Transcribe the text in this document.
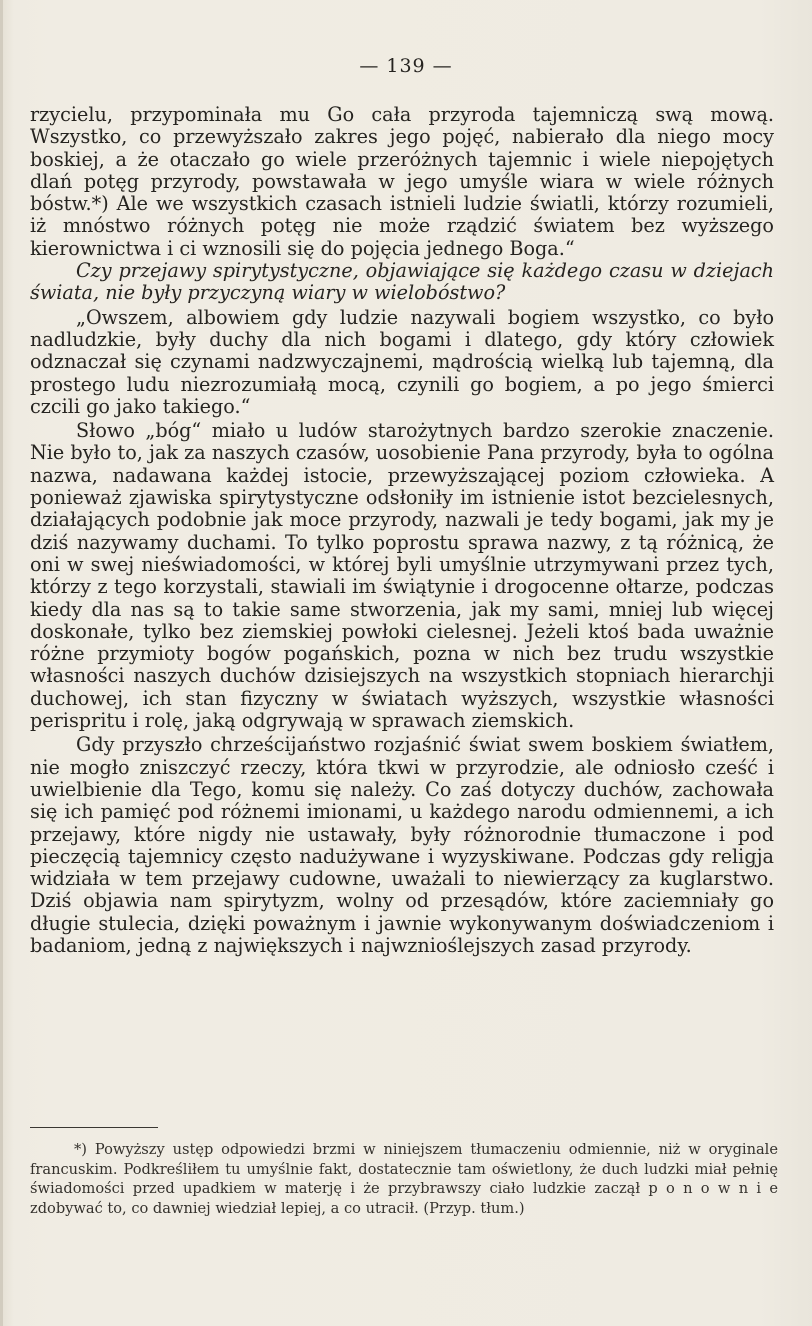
— 139 —

rzycielu, przypominała mu Go cała przyroda tajemniczą swą mową. Wszystko, co przewyższało zakres jego pojęć, nabierało dla niego mocy boskiej, a że otaczało go wiele przeróżnych tajemnic i wiele niepojętych dlań potęg przyrody, powstawała w jego umyśle wiara w wiele różnych bóstw.*) Ale we wszystkich czasach istnieli ludzie światli, którzy rozumieli, iż mnóstwo różnych potęg nie może rządzić światem bez wyższego kierownictwa i ci wznosili się do pojęcia jednego Boga.“

Czy przejawy spirytystyczne, objawiające się każdego czasu w dziejach świata, nie były przyczyną wiary w wielobóstwo?

„Owszem, albowiem gdy ludzie nazywali bogiem wszystko, co było nadludzkie, były duchy dla nich bogami i dlatego, gdy który człowiek odznaczał się czynami nadzwyczajnemi, mądrością wielką lub tajemną, dla prostego ludu niezrozumiałą mocą, czynili go bogiem, a po jego śmierci czcili go jako takiego.“

Słowo „bóg“ miało u ludów starożytnych bardzo szerokie znaczenie. Nie było to, jak za naszych czasów, uosobienie Pana przyrody, była to ogólna nazwa, nadawana każdej istocie, przewyższającej poziom człowieka. A ponieważ zjawiska spirytystyczne odsłoniły im istnienie istot bezcielesnych, działających podobnie jak moce przyrody, nazwali je tedy bogami, jak my je dziś nazywamy duchami. To tylko poprostu sprawa nazwy, z tą różnicą, że oni w swej nieświadomości, w której byli umyślnie utrzymywani przez tych, którzy z tego korzystali, stawiali im świątynie i drogocenne ołtarze, podczas kiedy dla nas są to takie same stworzenia, jak my sami, mniej lub więcej doskonałe, tylko bez ziemskiej powłoki cielesnej. Jeżeli ktoś bada uważnie różne przymioty bogów pogańskich, pozna w nich bez trudu wszystkie własności naszych duchów dzisiejszych na wszystkich stopniach hierarchji duchowej, ich stan fizyczny w światach wyższych, wszystkie własności perispritu i rolę, jaką odgrywają w sprawach ziemskich.

Gdy przyszło chrześcijaństwo rozjaśnić świat swem boskiem światłem, nie mogło zniszczyć rzeczy, która tkwi w przyrodzie, ale odniosło cześć i uwielbienie dla Tego, komu się należy. Co zaś dotyczy duchów, zachowała się ich pamięć pod różnemi imionami, u każdego narodu odmiennemi, a ich przejawy, które nigdy nie ustawały, były różnorodnie tłumaczone i pod pieczęcią tajemnicy często nadużywane i wyzyskiwane. Podczas gdy religja widziała w tem przejawy cudowne, uważali to niewierzący za kuglarstwo. Dziś objawia nam spirytyzm, wolny od przesądów, które zaciemniały go długie stulecia, dzięki poważnym i jawnie wykonywanym doświadczeniom i badaniom, jedną z największych i najwznioślejszych zasad przyrody.

*) Powyższy ustęp odpowiedzi brzmi w niniejszem tłumaczeniu odmiennie, niż w oryginale francuskim. Podkreśliłem tu umyślnie fakt, dostatecznie tam oświetlony, że duch ludzki miał pełnię świadomości przed upadkiem w materję i że przybrawszy ciało ludzkie zaczął p o n o w n i e zdobywać to, co dawniej wiedział lepiej, a co utracił. (Przyp. tłum.)
